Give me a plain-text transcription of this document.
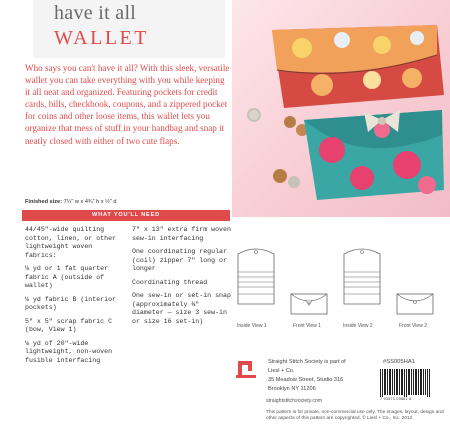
have it all
WALLET

Who says you can't have it all? With this sleek, versatile wallet you can take everything with you while keeping it all neat and organized. Featuring pockets for credit cards, bills, checkbook, coupons, and a zippered pocket for coins and other loose items, this wallet lets you organize that mess of stuff in your handbag and snap it neatly closed with either of two cute flaps.

Finished size: 7¼" w x 4¾" h x ½" d
WHAT YOU'LL NEED
44/45"-wide quilting cotton, linen, or other lightweight woven fabrics:
⅛ yd or 1 fat quarter fabric A (outside of wallet)
⅛ yd fabric B (interior pockets)
5" x 5" scrap fabric C (bow, View 1)
⅛ yd of 20"-wide lightweight, non-woven fusible interfacing
7" x 13" extra firm woven sew-in interfacing
One coordinating regular (coil) zipper 7" long or longer
Coordinating thread
One sew-in or set-in snap (approximately ⅜" diameter — size 3 sew-in or size 16 set-in)
Inside View 1	Front View 1	Inside View 2	Front View 2
Straight Stitch Society is part of
Liesl + Co.
35 Meadow Street, Studio 316
Brooklyn NY 11206
#SS005HA1
7 93573 00861 8
straightstitchsociety.com
This pattern is for private, non-commercial use only. The images, layout, design and other aspects of this pattern are copyrighted. © Liesl + Co., Inc. 2012.
